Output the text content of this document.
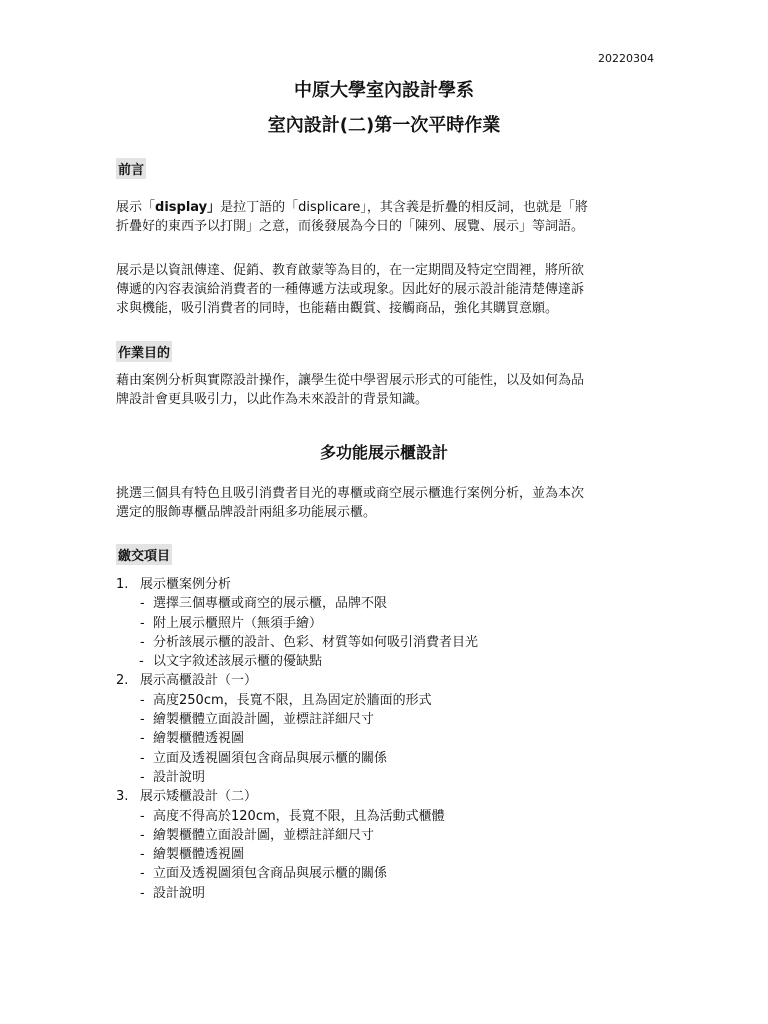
20220304
中原大學室內設計學系
室內設計(二)第一次平時作業
前言
展示「display」是拉丁語的「displicare」，其含義是折疊的相反詞，也就是「將
折疊好的東西予以打開」之意，而後發展為今日的「陳列、展覽、展示」等詞語。
展示是以資訊傳達、促銷、教育啟蒙等為目的，在一定期間及特定空間裡，將所欲
傳遞的內容表演給消費者的一種傳遞方法或現象。因此好的展示設計能清楚傳達訴
求與機能，吸引消費者的同時，也能藉由觀賞、接觸商品，強化其購買意願。
作業目的
藉由案例分析與實際設計操作，讓學生從中學習展示形式的可能性，以及如何為品
牌設計會更具吸引力，以此作為未來設計的背景知識。
多功能展示櫃設計
挑選三個具有特色且吸引消費者目光的專櫃或商空展示櫃進行案例分析，並為本次
選定的服飾專櫃品牌設計兩組多功能展示櫃。
繳交項目
1. 展示櫃案例分析
- 選擇三個專櫃或商空的展示櫃，品牌不限
- 附上展示櫃照片（無須手繪）
- 分析該展示櫃的設計、色彩、材質等如何吸引消費者目光
- 以文字敘述該展示櫃的優缺點
2. 展示高櫃設計（一）
- 高度250cm，長寬不限，且為固定於牆面的形式
- 繪製櫃體立面設計圖，並標註詳細尺寸
- 繪製櫃體透視圖
- 立面及透視圖須包含商品與展示櫃的關係
- 設計說明
3. 展示矮櫃設計（二）
- 高度不得高於120cm，長寬不限，且為活動式櫃體
- 繪製櫃體立面設計圖，並標註詳細尺寸
- 繪製櫃體透視圖
- 立面及透視圖須包含商品與展示櫃的關係
- 設計說明
